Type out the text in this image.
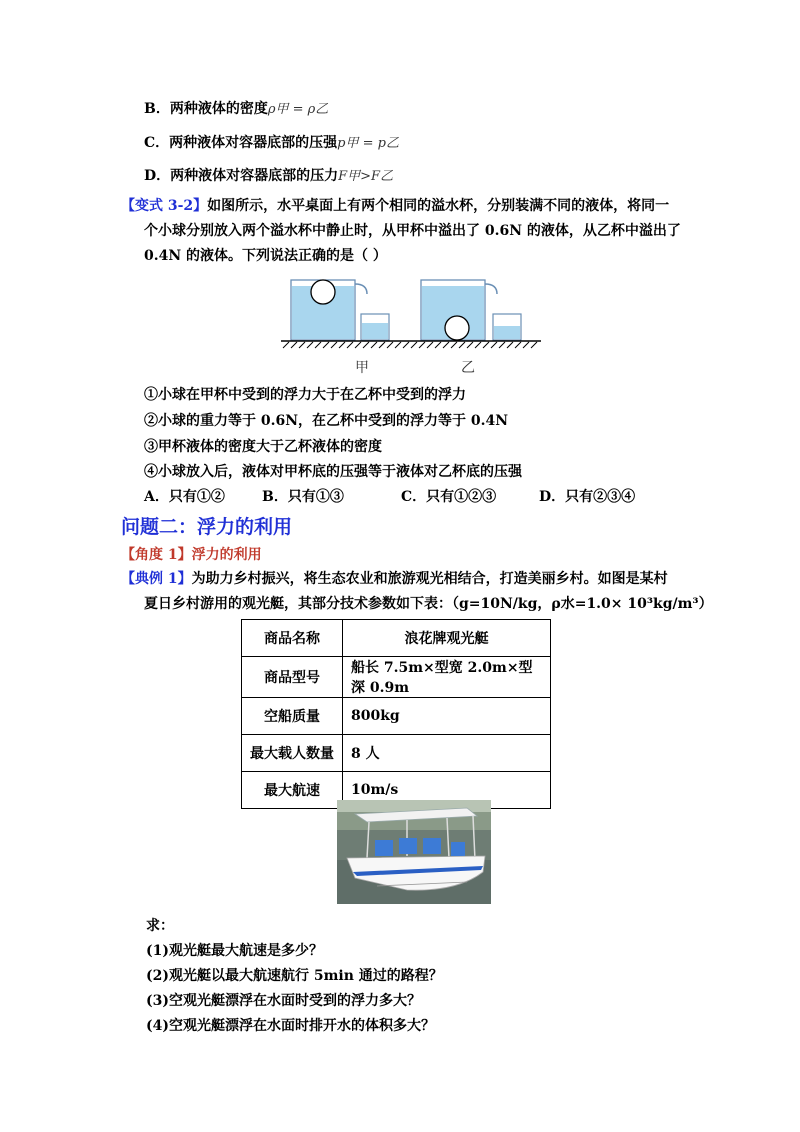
B．两种液体的密度ρ甲 = ρ乙
C．两种液体对容器底部的压强p甲 = p乙
D．两种液体对容器底部的压力F甲>F乙
【变式 3-2】如图所示，水平桌面上有两个相同的溢水杯，分别装满不同的液体，将同一
个小球分别放入两个溢水杯中静止时，从甲杯中溢出了 0.6N 的液体，从乙杯中溢出了
0.4N 的液体。下列说法正确的是（ ）
甲	乙
①小球在甲杯中受到的浮力大于在乙杯中受到的浮力
②小球的重力等于 0.6N，在乙杯中受到的浮力等于 0.4N
③甲杯液体的密度大于乙杯液体的密度
④小球放入后，液体对甲杯底的压强等于液体对乙杯底的压强
A．只有①②	B．只有①③	C．只有①②③	D．只有②③④
问题二：浮力的利用
【角度 1】浮力的利用
【典例 1】为助力乡村振兴，将生态农业和旅游观光相结合，打造美丽乡村。如图是某村
夏日乡村游用的观光艇，其部分技术参数如下表：（g=10N/kg，ρ水=1.0× 10³kg/m³）
商品名称	浪花牌观光艇
商品型号	船长 7.5m×型宽 2.0m×型深 0.9m
空船质量	800kg
最大载人数量	8 人
最大航速	10m/s
求：
(1)观光艇最大航速是多少？
(2)观光艇以最大航速航行 5min 通过的路程？
(3)空观光艇漂浮在水面时受到的浮力多大？
(4)空观光艇漂浮在水面时排开水的体积多大？
